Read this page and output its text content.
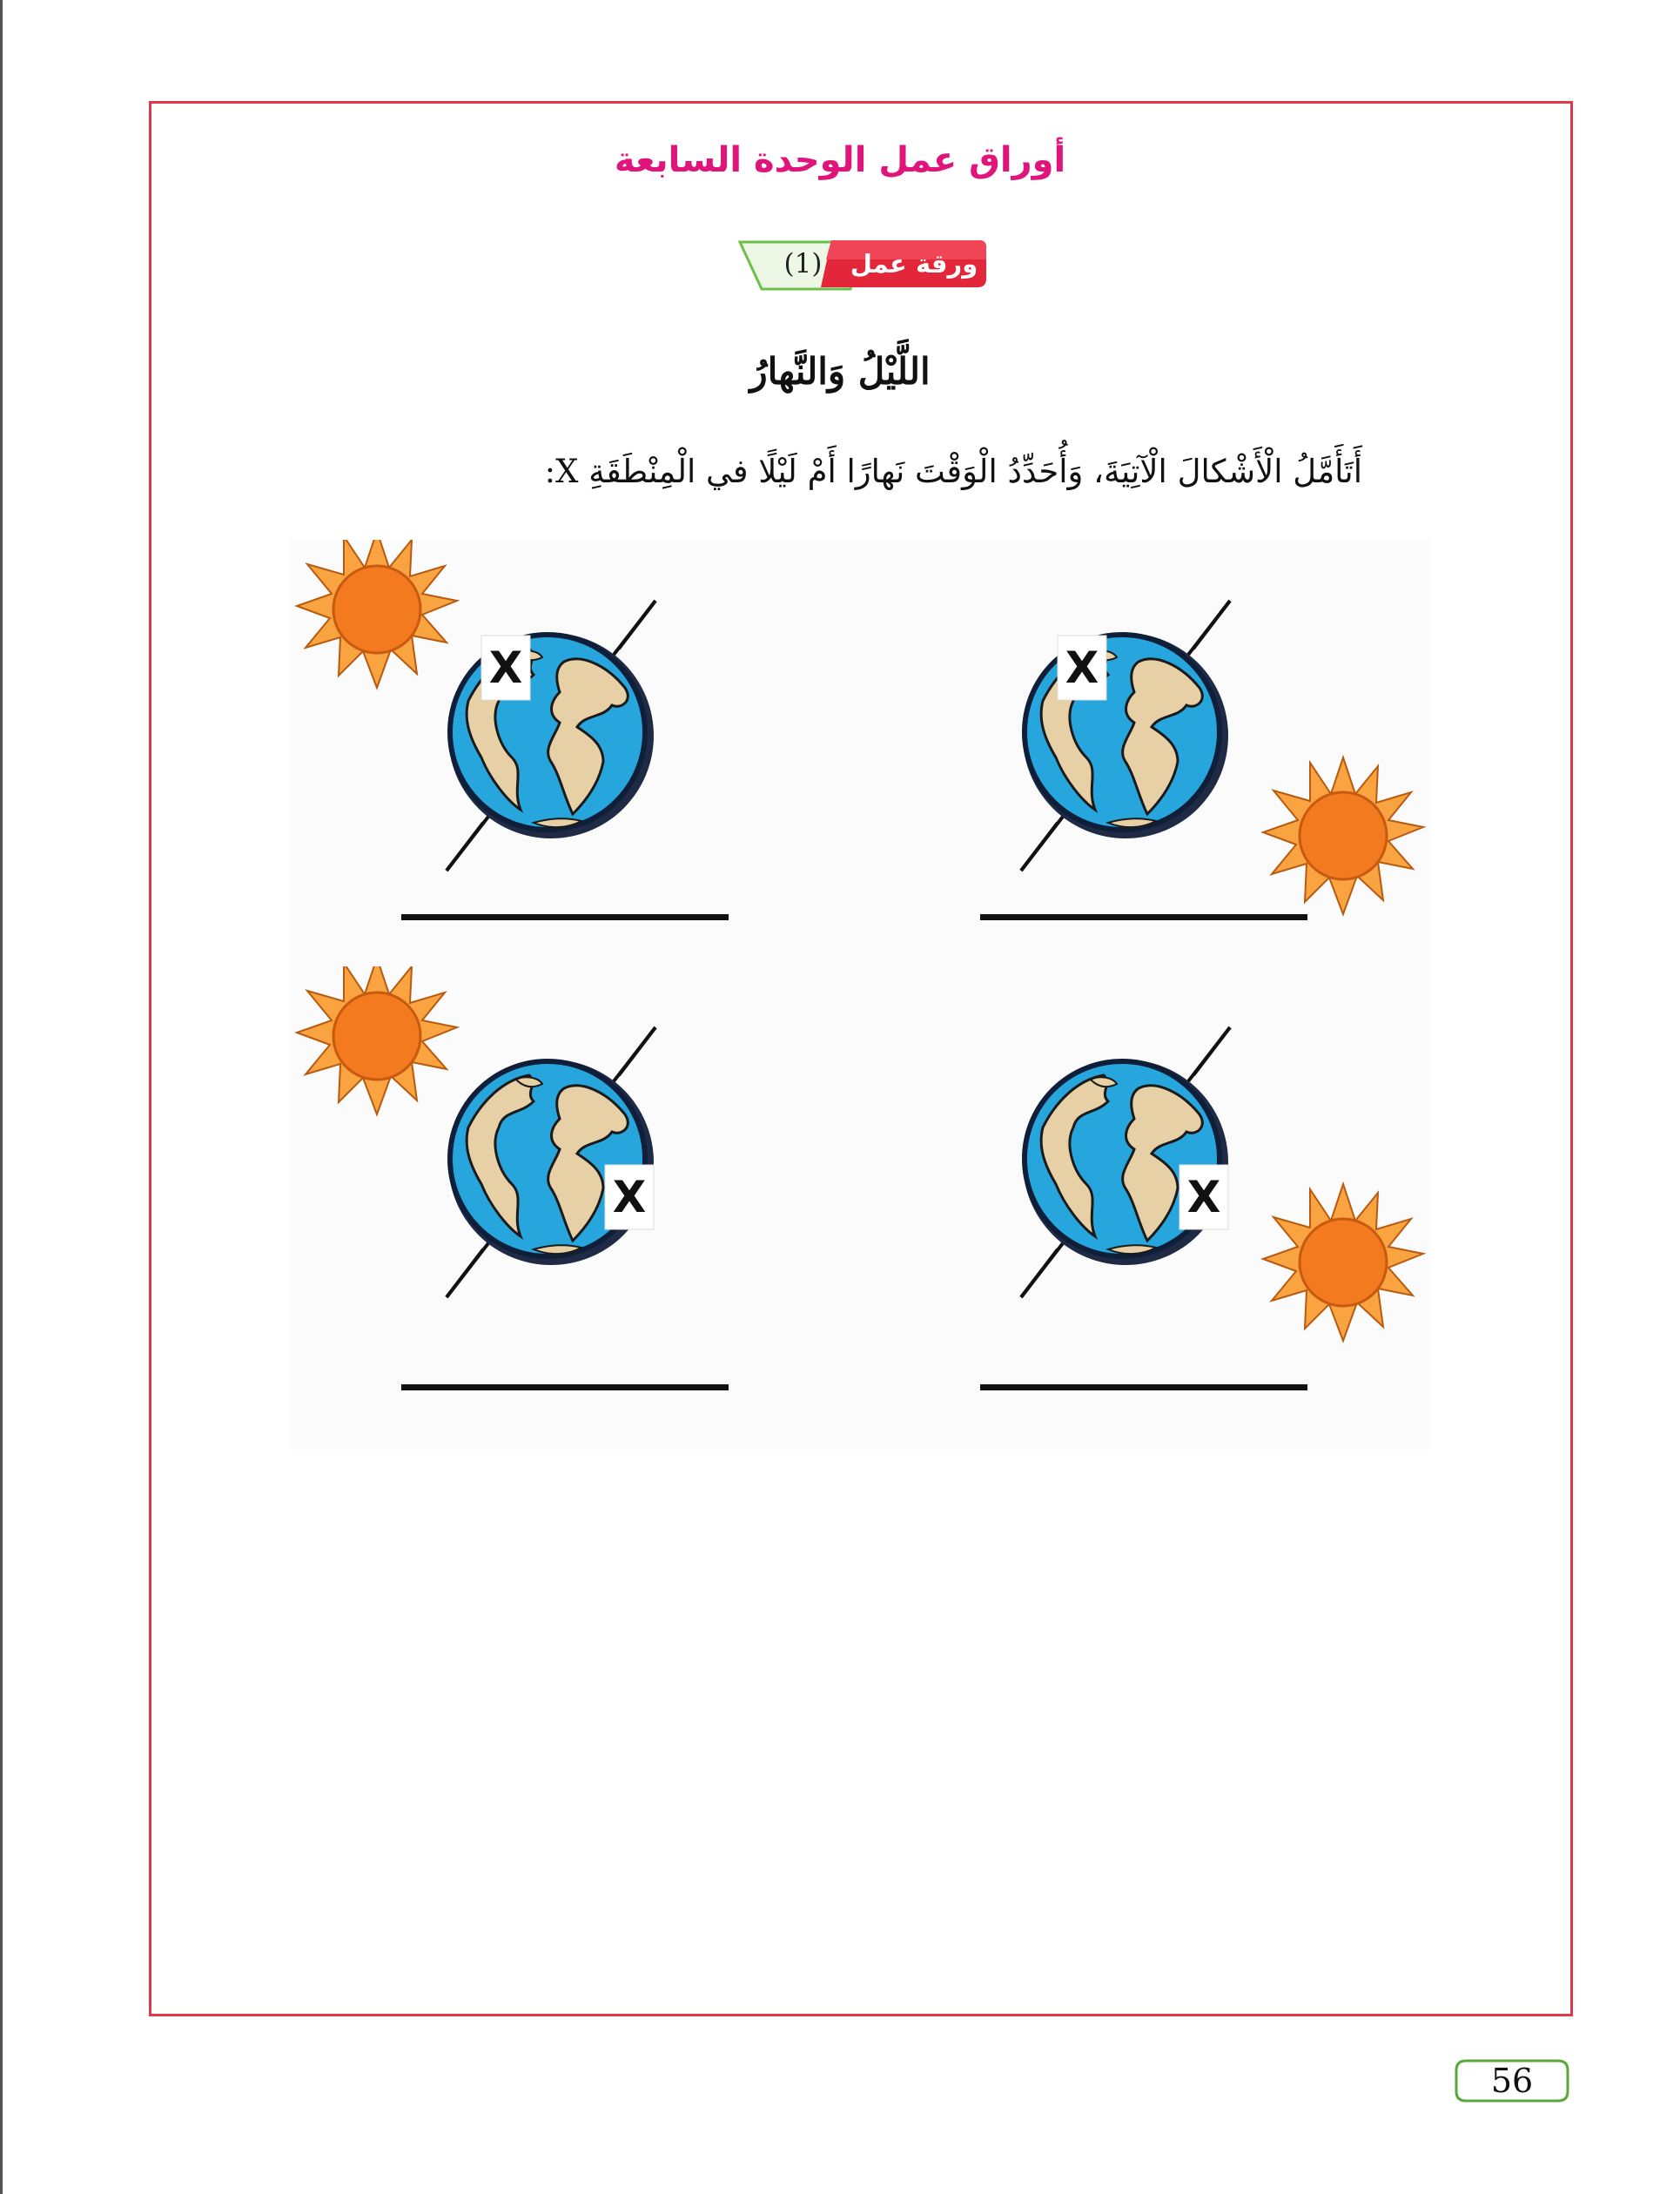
أوراق عمل الوحدة السابعة
(1)	ورقة عمل
اللَّيْلُ وَالنَّهارُ
أَتَأَمَّلُ الْأَشْكالَ الْآتِيَةَ، وَأُحَدِّدُ الْوَقْتَ نَهارًا أَمْ لَيْلًا في الْمِنْطَقَةِ X:
X	X
X	X
56
